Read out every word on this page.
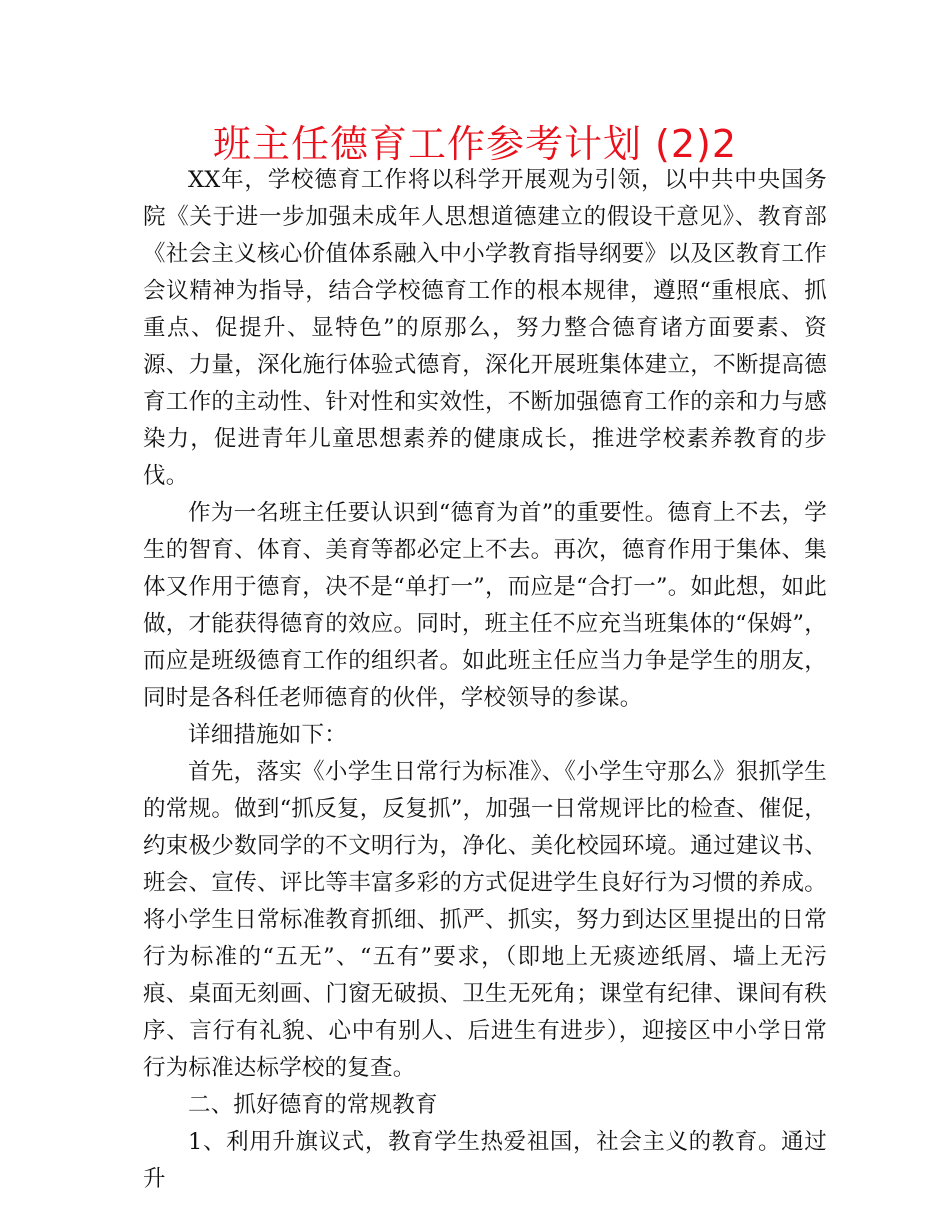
班主任德育工作参考计划 (2)2

XX年，学校德育工作将以科学开展观为引领，以中共中央国务院《关于进一步加强未成年人思想道德建立的假设干意见》、教育部《社会主义核心价值体系融入中小学教育指导纲要》以及区教育工作会议精神为指导，结合学校德育工作的根本规律，遵照“重根底、抓重点、促提升、显特色”的原那么，努力整合德育诸方面要素、资源、力量，深化施行体验式德育，深化开展班集体建立，不断提高德育工作的主动性、针对性和实效性，不断加强德育工作的亲和力与感染力，促进青年儿童思想素养的健康成长，推进学校素养教育的步伐。

作为一名班主任要认识到“德育为首”的重要性。德育上不去，学生的智育、体育、美育等都必定上不去。再次，德育作用于集体、集体又作用于德育，决不是“单打一”，而应是“合打一”。如此想，如此做，才能获得德育的效应。同时，班主任不应充当班集体的“保姆”，而应是班级德育工作的组织者。如此班主任应当力争是学生的朋友，同时是各科任老师德育的伙伴，学校领导的参谋。

详细措施如下：

首先，落实《小学生日常行为标准》、《小学生守那么》狠抓学生的常规。做到“抓反复，反复抓”，加强一日常规评比的检查、催促，约束极少数同学的不文明行为，净化、美化校园环境。通过建议书、班会、宣传、评比等丰富多彩的方式促进学生良好行为习惯的养成。将小学生日常标准教育抓细、抓严、抓实，努力到达区里提出的日常行为标准的“五无”、“五有”要求，（即地上无痰迹纸屑、墙上无污痕、桌面无刻画、门窗无破损、卫生无死角；课堂有纪律、课间有秩序、言行有礼貌、心中有别人、后进生有进步），迎接区中小学日常行为标准达标学校的复查。

二、抓好德育的常规教育

1、利用升旗议式，教育学生热爱祖国，社会主义的教育。通过升
